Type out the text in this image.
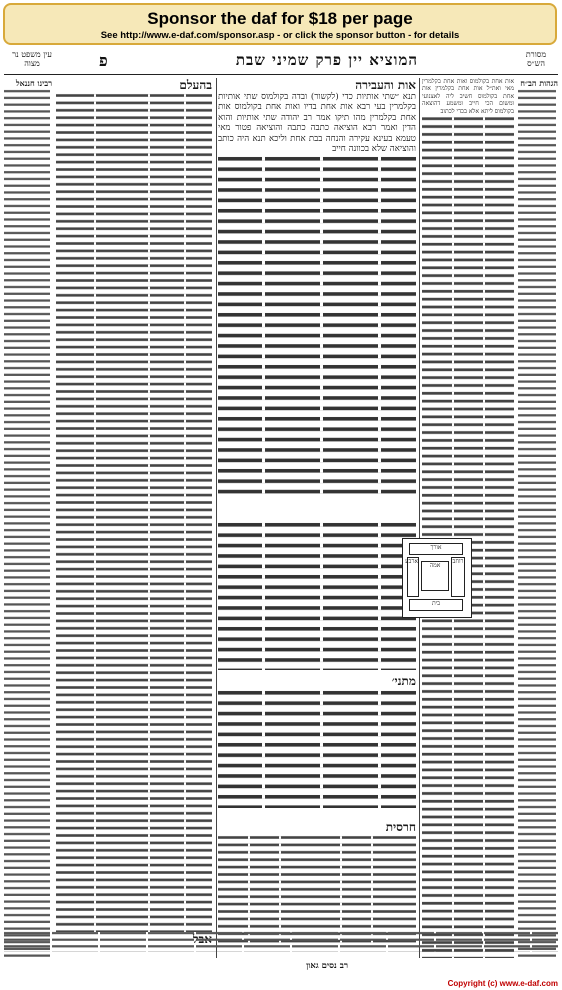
Sponsor the daf for $18 per page
See http://www.e-daf.com/sponsor.asp - or click the sponsor button - for details
מסורת הש״ס
המוציא יין פרק שמיני שבת
פ
עין משפט נר מצוה

הגהות הב״ח

אות אחת בקולמוס ואות אחת בקלמרין מאי ואת״ל אות אחת בקלמרין אות אחת בקולמוס חשיב ליה לאצנועי ומשום הכי חייב ומשמע דהוצאה בקולמוס ליתא אלא בכדי לכתוב

אות והעבירה

תנא ״שתי אותיות כדי (לקשור) ובדה בקולמוס שתי אותיות בקלמרין בעי רבא אות אחת בדיו ואות אחת בקולמוס אות אחת בקלמרין מהו תיקו אמר רב יהודה שתי אותיות והוא הדין ואמר רבא הוציאה כתבה כתבה והוציאה פטור מאי טעמא בעינא עקירה והנחה בבת אחת וליכא תנא היה כותב והוציאה שלא בכוונה חייב

אורך
רוחב
אמה
ארבע
בית

מתני׳

חרסית

בהעלם

רבינו חננאל

רב נסים גאון
Copyright (c) www.e-daf.com
